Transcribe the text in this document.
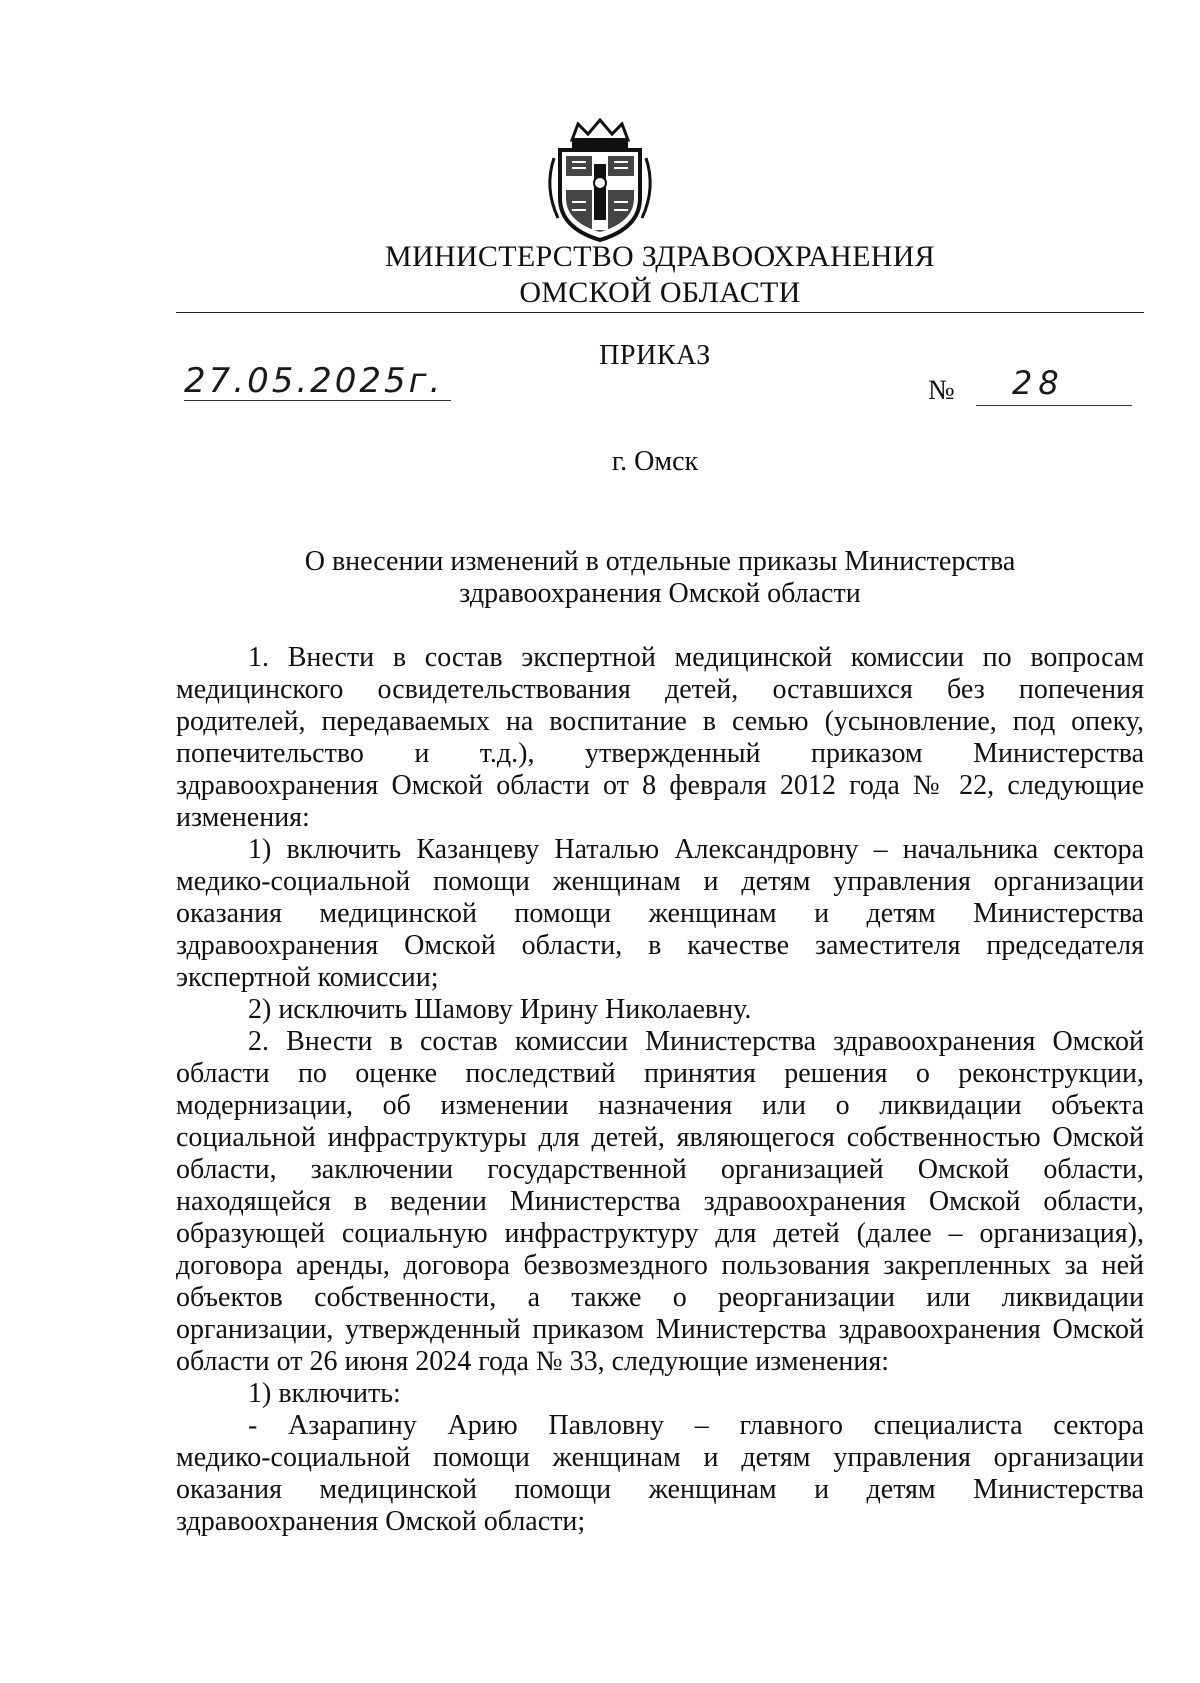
МИНИСТЕРСТВО ЗДРАВООХРАНЕНИЯ
ОМСКОЙ ОБЛАСТИ
ПРИКАЗ
27.05.2025г.	№ 28
г. Омск
О внесении изменений в отдельные приказы Министерства
здравоохранения Омской области
1. Внести в состав экспертной медицинской комиссии по вопросам
медицинского освидетельствования детей, оставшихся без попечения
родителей, передаваемых на воспитание в семью (усыновление, под опеку,
попечительство и т.д.), утвержденный приказом Министерства
здравоохранения Омской области от 8 февраля 2012 года № 22, следующие
изменения:
1) включить Казанцеву Наталью Александровну – начальника сектора
медико-социальной помощи женщинам и детям управления организации
оказания медицинской помощи женщинам и детям Министерства
здравоохранения Омской области, в качестве заместителя председателя
экспертной комиссии;
2) исключить Шамову Ирину Николаевну.
2. Внести в состав комиссии Министерства здравоохранения Омской
области по оценке последствий принятия решения о реконструкции,
модернизации, об изменении назначения или о ликвидации объекта
социальной инфраструктуры для детей, являющегося собственностью Омской
области, заключении государственной организацией Омской области,
находящейся в ведении Министерства здравоохранения Омской области,
образующей социальную инфраструктуру для детей (далее – организация),
договора аренды, договора безвозмездного пользования закрепленных за ней
объектов собственности, а также о реорганизации или ликвидации
организации, утвержденный приказом Министерства здравоохранения Омской
области от 26 июня 2024 года № 33, следующие изменения:
1) включить:
- Азарапину Арию Павловну – главного специалиста сектора
медико-социальной помощи женщинам и детям управления организации
оказания медицинской помощи женщинам и детям Министерства
здравоохранения Омской области;
